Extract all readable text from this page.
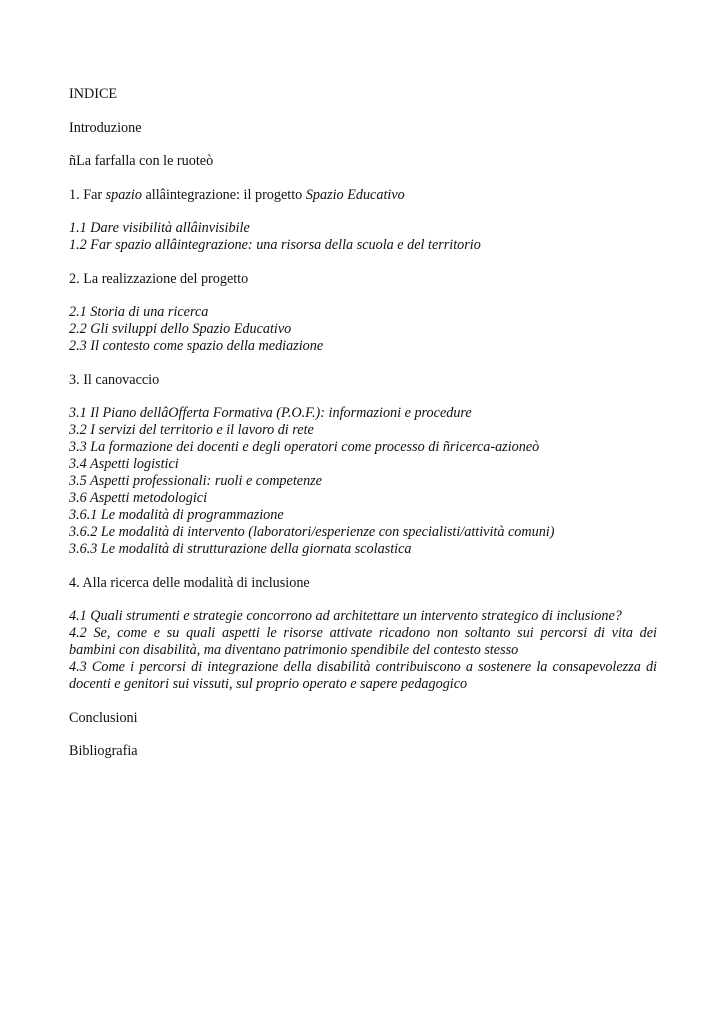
INDICE
Introduzione
ñLa farfalla con le ruoteò
1. Far spazio allâintegrazione: il progetto Spazio Educativo
1.1 Dare visibilità allâinvisibile
1.2 Far spazio allâintegrazione: una risorsa della scuola e del territorio
2. La realizzazione del progetto
2.1 Storia di una ricerca
2.2 Gli sviluppi dello Spazio Educativo
2.3 Il contesto come spazio della mediazione
3. Il canovaccio
3.1 Il Piano dellâOfferta Formativa (P.O.F.): informazioni e procedure
3.2 I servizi del territorio e il lavoro di rete
3.3 La formazione dei docenti e degli operatori come processo di ñricerca-azioneò
3.4 Aspetti logistici
3.5 Aspetti professionali: ruoli e competenze
3.6 Aspetti metodologici
3.6.1 Le modalità di programmazione
3.6.2 Le modalità di intervento (laboratori/esperienze con specialisti/attività comuni)
3.6.3 Le modalità di strutturazione della giornata scolastica
4. Alla ricerca delle modalità di inclusione
4.1 Quali strumenti e strategie concorrono ad architettare un intervento strategico di inclusione?
4.2 Se, come e su quali aspetti le risorse attivate ricadono non soltanto sui percorsi di vita dei
bambini con disabilità, ma diventano patrimonio spendibile del contesto stesso
4.3 Come i percorsi di integrazione della disabilità contribuiscono a sostenere la consapevolezza di
docenti e genitori sui vissuti, sul proprio operato e sapere pedagogico
Conclusioni
Bibliografia
